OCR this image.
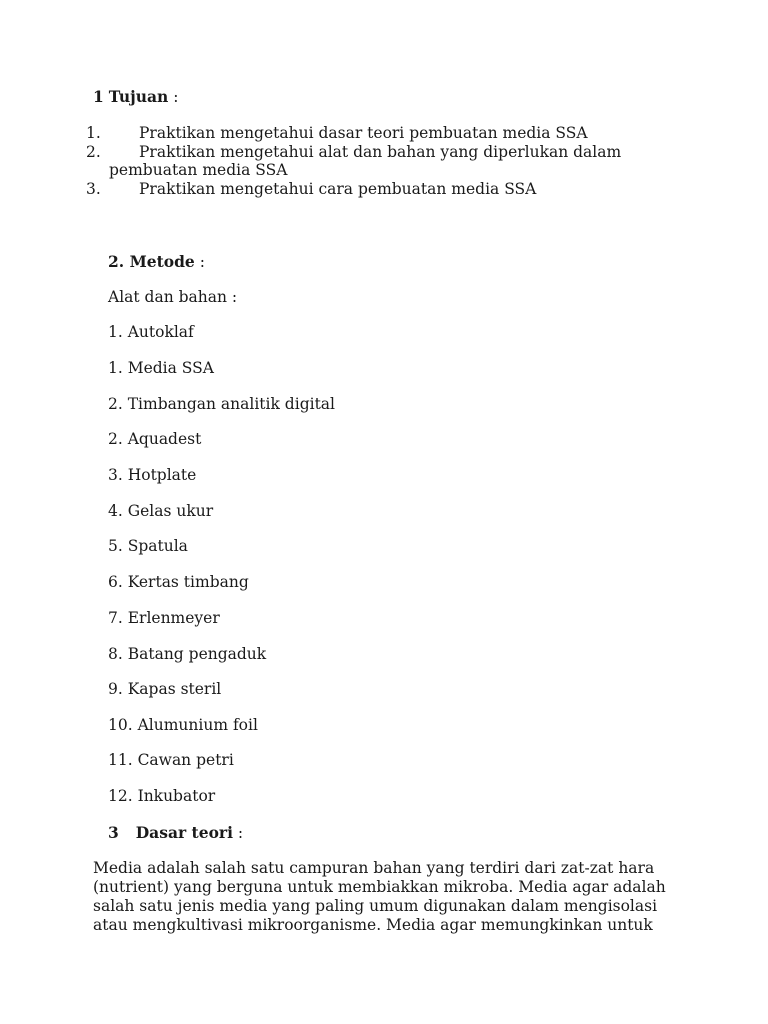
1 Tujuan :
1. Praktikan mengetahui dasar teori pembuatan media SSA
2. Praktikan mengetahui alat dan bahan yang diperlukan dalam
pembuatan media SSA
3. Praktikan mengetahui cara pembuatan media SSA
2. Metode :
Alat dan bahan :
1. Autoklaf
1. Media SSA
2. Timbangan analitik digital
2. Aquadest
3. Hotplate
4. Gelas ukur
5. Spatula
6. Kertas timbang
7. Erlenmeyer
8. Batang pengaduk
9. Kapas steril
10. Alumunium foil
11. Cawan petri
12. Inkubator
3 Dasar teori :
Media adalah salah satu campuran bahan yang terdiri dari zat-zat hara
(nutrient) yang berguna untuk membiakkan mikroba. Media agar adalah
salah satu jenis media yang paling umum digunakan dalam mengisolasi
atau mengkultivasi mikroorganisme. Media agar memungkinkan untuk
